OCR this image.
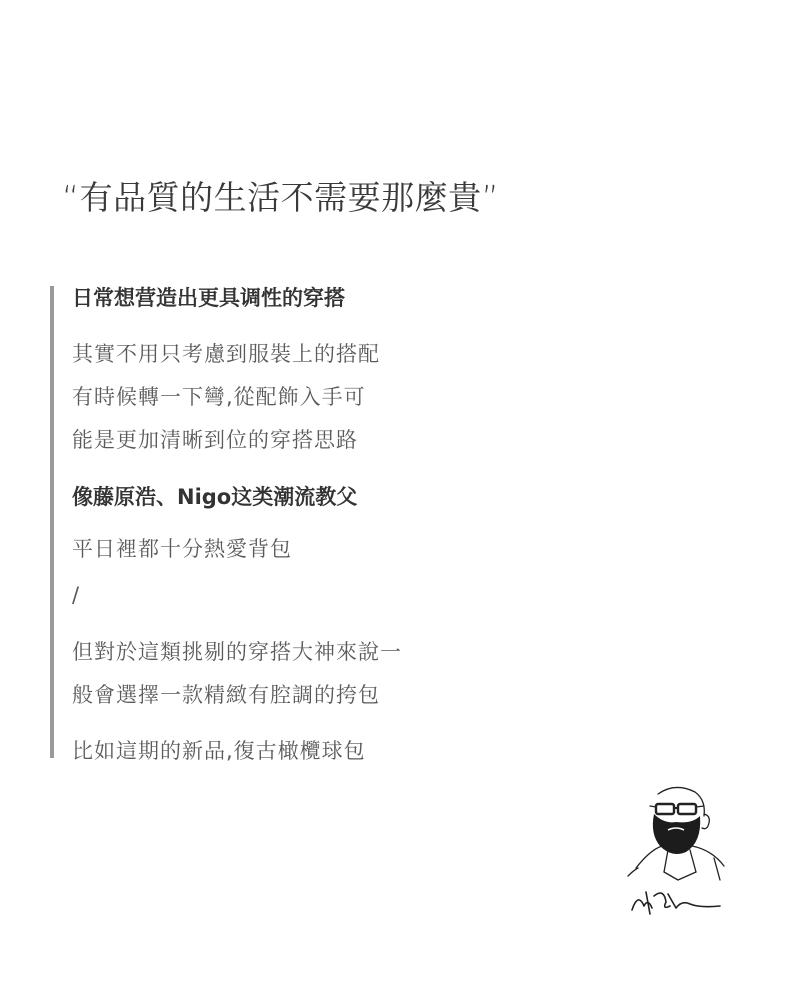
“有品質的生活不需要那麼貴”
日常想营造出更具调性的穿搭
其實不用只考慮到服裝上的搭配
有時候轉一下彎,從配飾入手可
能是更加清晰到位的穿搭思路
像藤原浩、Nigo这类潮流教父
平日裡都十分熱愛背包
/
但對於這類挑剔的穿搭大神來說一
般會選擇一款精緻有腔調的挎包
比如這期的新品,復古橄欖球包
